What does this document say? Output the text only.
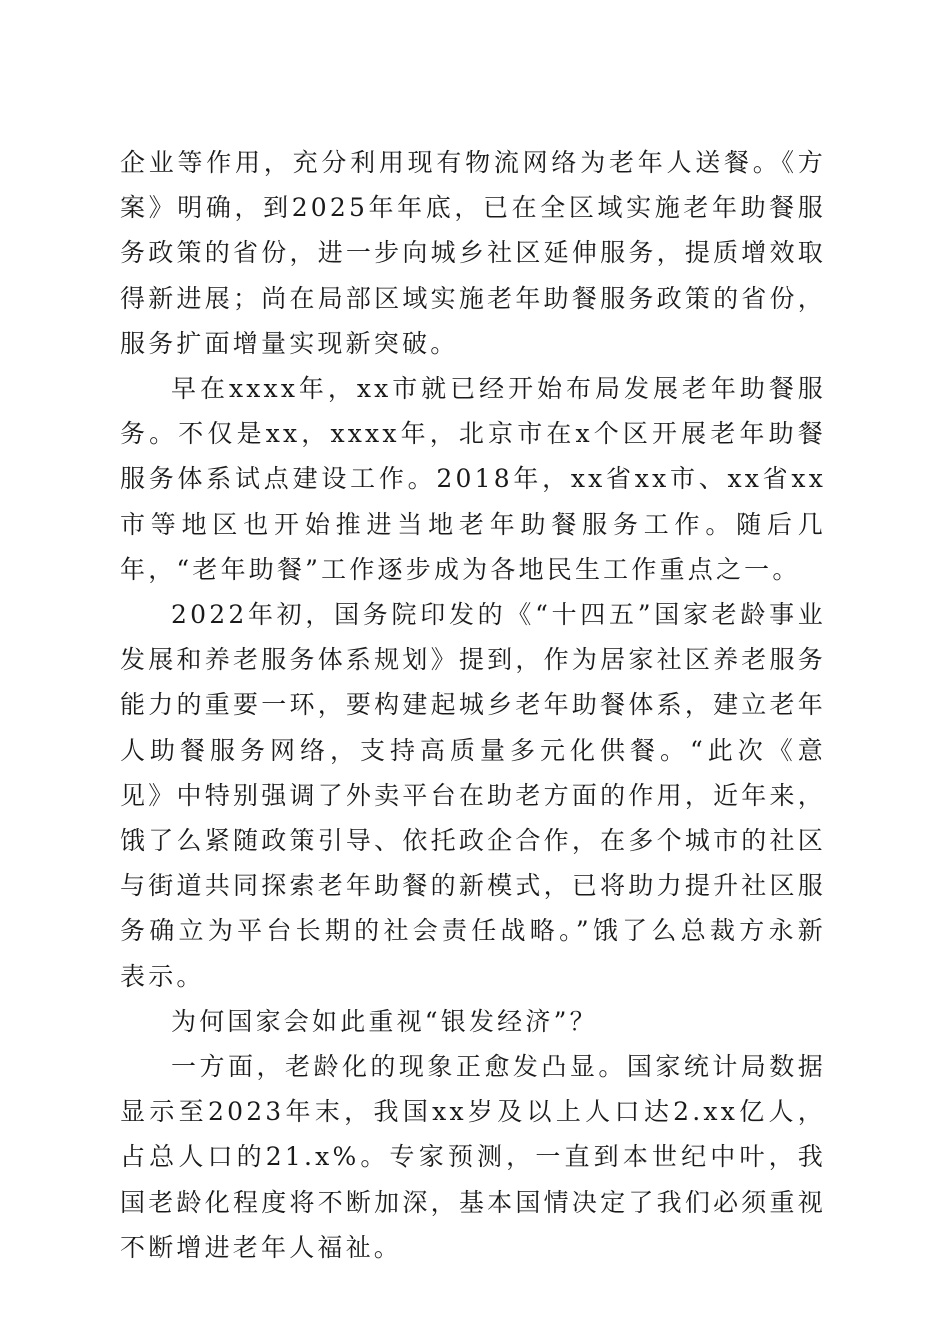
企业等作用，充分利用现有物流网络为老年人送餐。《方案》明确，到2025年年底，已在全区域实施老年助餐服务政策的省份，进一步向城乡社区延伸服务，提质增效取得新进展；尚在局部区域实施老年助餐服务政策的省份，服务扩面增量实现新突破。

早在xxxx年，xx市就已经开始布局发展老年助餐服务。不仅是xx，xxxx年，北京市在x个区开展老年助餐服务体系试点建设工作。2018年，xx省xx市、xx省xx市等地区也开始推进当地老年助餐服务工作。随后几年，“老年助餐”工作逐步成为各地民生工作重点之一。

2022年初，国务院印发的《“十四五”国家老龄事业发展和养老服务体系规划》提到，作为居家社区养老服务能力的重要一环，要构建起城乡老年助餐体系，建立老年人助餐服务网络，支持高质量多元化供餐。“此次《意见》中特别强调了外卖平台在助老方面的作用，近年来，饿了么紧随政策引导、依托政企合作，在多个城市的社区与街道共同探索老年助餐的新模式，已将助力提升社区服务确立为平台长期的社会责任战略。”饿了么总裁方永新表示。

为何国家会如此重视“银发经济”？

一方面，老龄化的现象正愈发凸显。国家统计局数据显示至2023年末，我国xx岁及以上人口达2.xx亿人，占总人口的21.x%。专家预测，一直到本世纪中叶，我国老龄化程度将不断加深，基本国情决定了我们必须重视不断增进老年人福祉。
